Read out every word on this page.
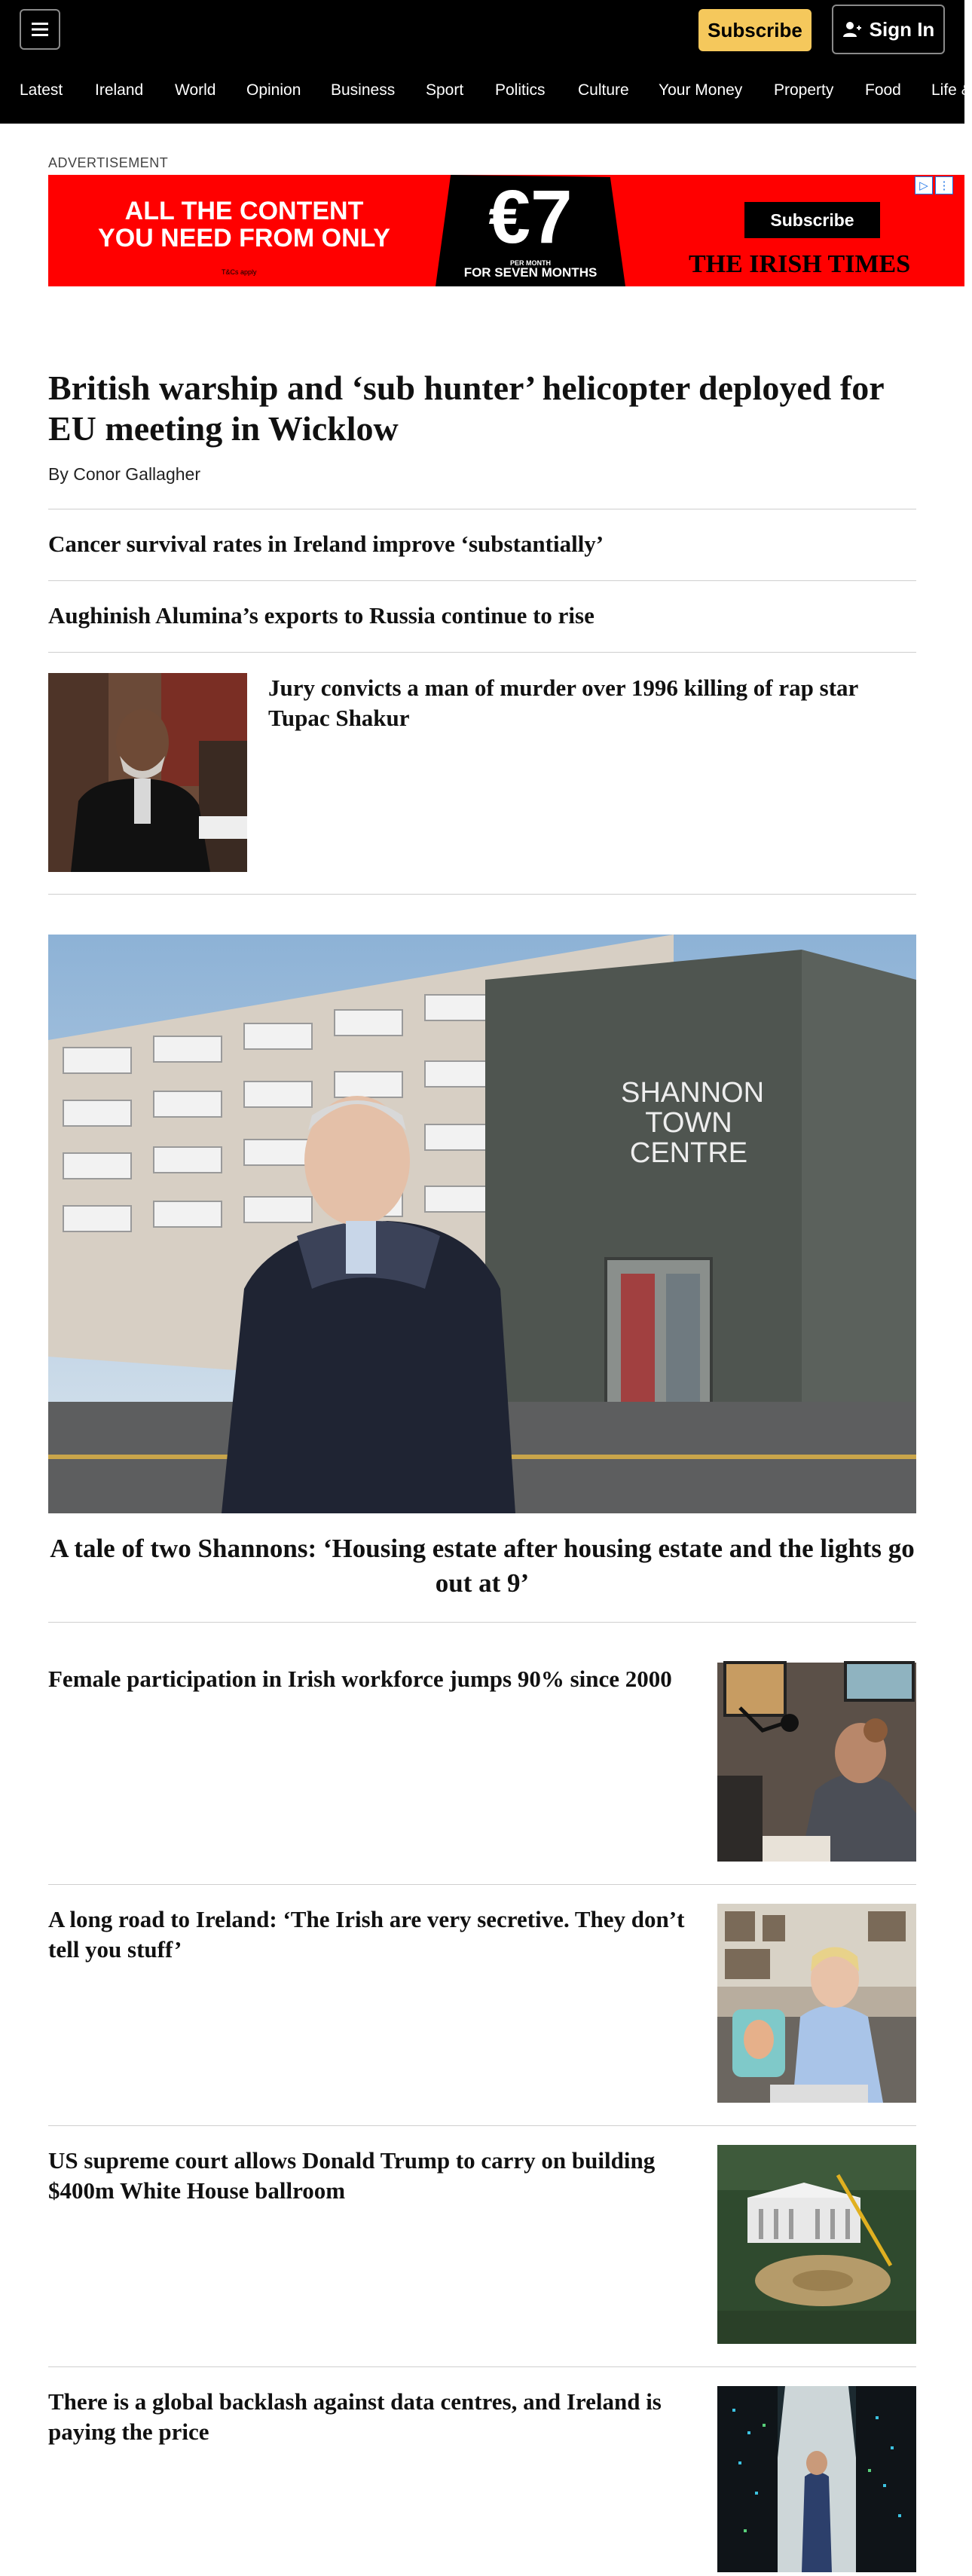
Subscribe	Sign In
Latest Ireland World Opinion Business Sport Politics Culture Your Money Property Food Life &
ADVERTISEMENT
ALL THE CONTENT
YOU NEED FROM ONLY
T&Cs apply
€7
PER MONTH
FOR SEVEN MONTHS
Subscribe
THE IRISH TIMES
▷ ⋮
British warship and ‘sub hunter’ helicopter deployed for EU meeting in Wicklow
By Conor Gallagher
Cancer survival rates in Ireland improve ‘substantially’
Aughinish Alumina’s exports to Russia continue to rise
Jury convicts a man of murder over 1996 killing of rap star Tupac Shakur
SHANNON
TOWN
CENTRE
A tale of two Shannons: ‘Housing estate after housing estate and the lights go out at 9’
Female participation in Irish workforce jumps 90% since 2000
A long road to Ireland: ‘The Irish are very secretive. They don’t tell you stuff’
US supreme court allows Donald Trump to carry on building $400m White House ballroom
There is a global backlash against data centres, and Ireland is paying the price
